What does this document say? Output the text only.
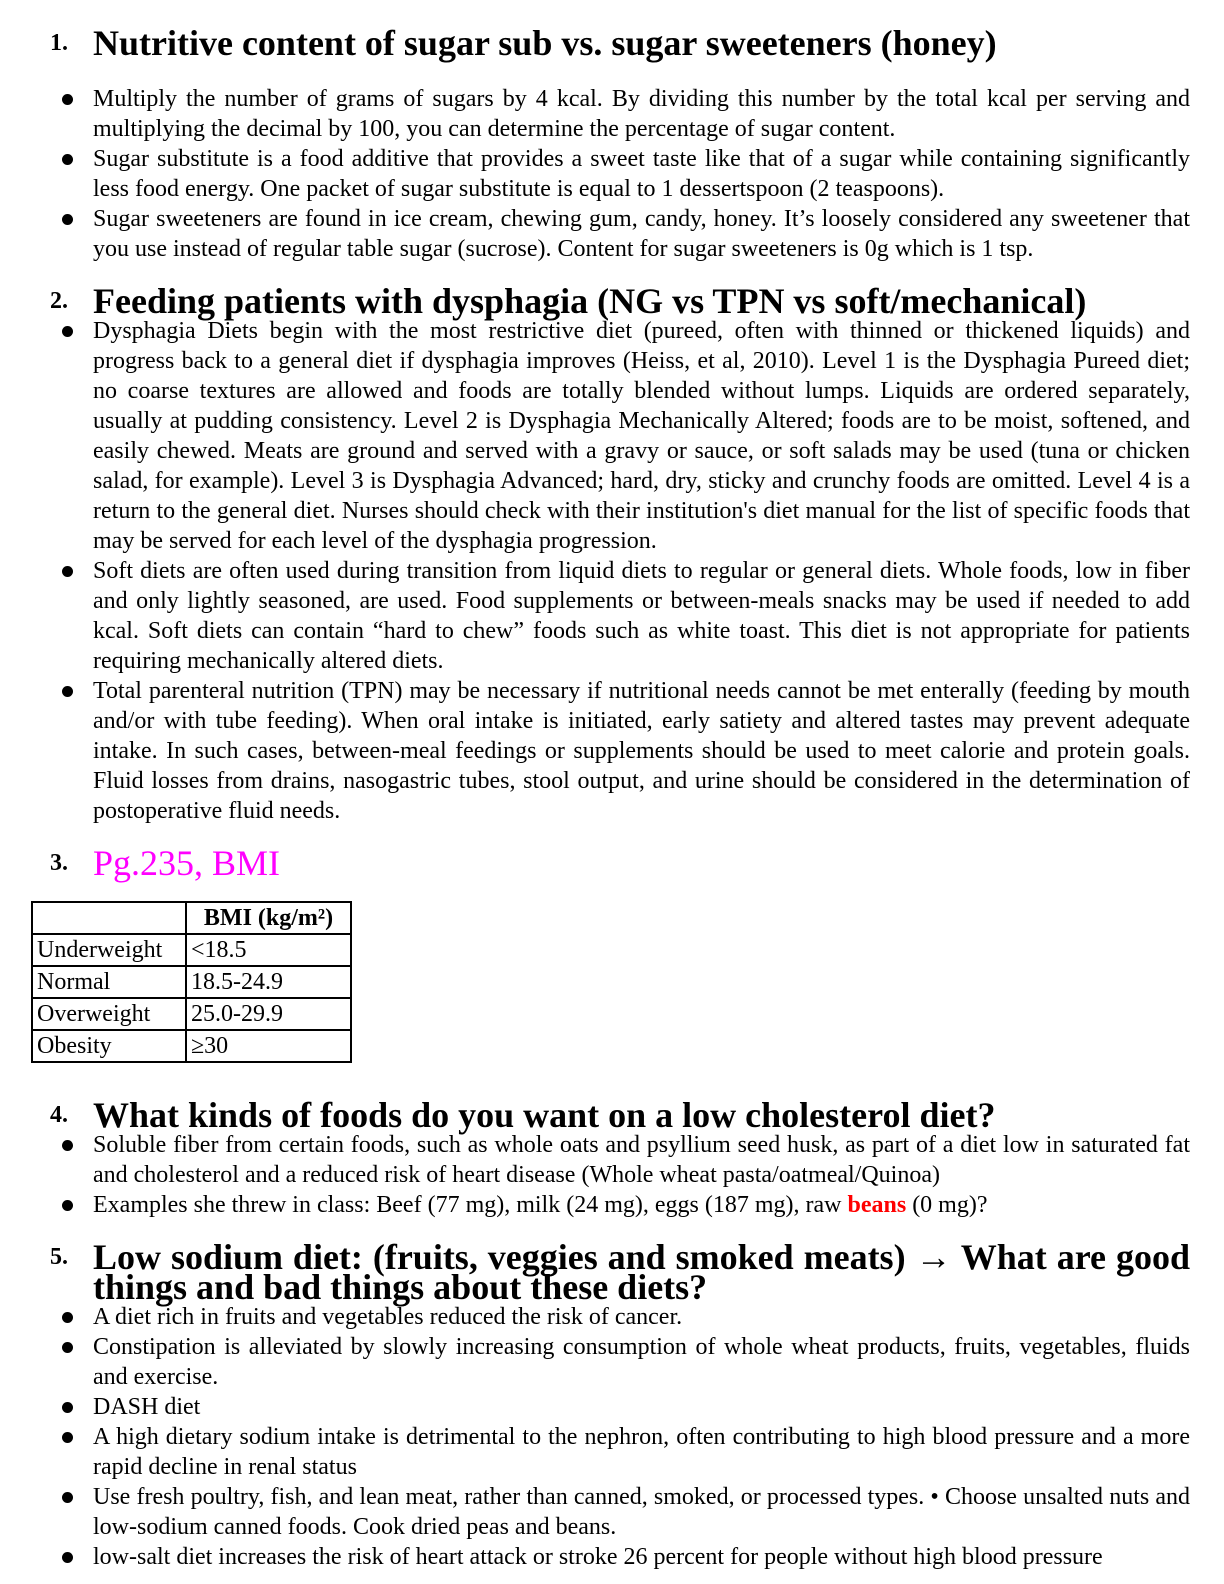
1. Nutritive content of sugar sub vs. sugar sweeteners (honey)

Multiply the number of grams of sugars by 4 kcal. By dividing this number by the total kcal per serving and multiplying the decimal by 100, you can determine the percentage of sugar content.

Sugar substitute is a food additive that provides a sweet taste like that of a sugar while containing significantly less food energy. One packet of sugar substitute is equal to 1 dessertspoon (2 teaspoons).

Sugar sweeteners are found in ice cream, chewing gum, candy, honey. It’s loosely considered any sweetener that you use instead of regular table sugar (sucrose). Content for sugar sweeteners is 0g which is 1 tsp.

2. Feeding patients with dysphagia (NG vs TPN vs soft/mechanical)

Dysphagia Diets begin with the most restrictive diet (pureed, often with thinned or thickened liquids) and progress back to a general diet if dysphagia improves (Heiss, et al, 2010). Level 1 is the Dysphagia Pureed diet; no coarse textures are allowed and foods are totally blended without lumps. Liquids are ordered separately, usually at pudding consistency. Level 2 is Dysphagia Mechanically Altered; foods are to be moist, softened, and easily chewed. Meats are ground and served with a gravy or sauce, or soft salads may be used (tuna or chicken salad, for example). Level 3 is Dysphagia Advanced; hard, dry, sticky and crunchy foods are omitted. Level 4 is a return to the general diet. Nurses should check with their institution's diet manual for the list of specific foods that may be served for each level of the dysphagia progression.

Soft diets are often used during transition from liquid diets to regular or general diets. Whole foods, low in fiber and only lightly seasoned, are used. Food supplements or between-meals snacks may be used if needed to add kcal. Soft diets can contain “hard to chew” foods such as white toast. This diet is not appropriate for patients requiring mechanically altered diets.

Total parenteral nutrition (TPN) may be necessary if nutritional needs cannot be met enterally (feeding by mouth and/or with tube feeding). When oral intake is initiated, early satiety and altered tastes may prevent adequate intake. In such cases, between-meal feedings or supplements should be used to meet calorie and protein goals. Fluid losses from drains, nasogastric tubes, stool output, and urine should be considered in the determination of postoperative fluid needs.

3. Pg.235, BMI
	BMI (kg/m²)
Underweight	<18.5
Normal	18.5-24.9
Overweight	25.0-29.9
Obesity	≥30
4. What kinds of foods do you want on a low cholesterol diet?

Soluble fiber from certain foods, such as whole oats and psyllium seed husk, as part of a diet low in saturated fat and cholesterol and a reduced risk of heart disease (Whole wheat pasta/oatmeal/Quinoa)

Examples she threw in class: Beef (77 mg), milk (24 mg), eggs (187 mg), raw beans (0 mg)?

5. Low sodium diet: (fruits, veggies and smoked meats) → What are good things and bad things about these diets?

A diet rich in fruits and vegetables reduced the risk of cancer.

Constipation is alleviated by slowly increasing consumption of whole wheat products, fruits, vegetables, fluids and exercise.

DASH diet

A high dietary sodium intake is detrimental to the nephron, often contributing to high blood pressure and a more rapid decline in renal status

Use fresh poultry, fish, and lean meat, rather than canned, smoked, or processed types. • Choose unsalted nuts and low-sodium canned foods. Cook dried peas and beans.

low-salt diet increases the risk of heart attack or stroke 26 percent for people without high blood pressure
